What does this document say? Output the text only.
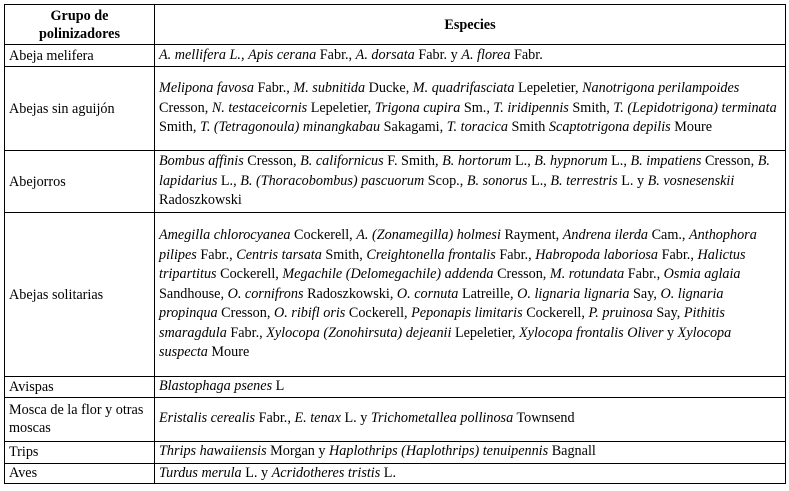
Grupo de polinizadores	Especies
Abeja melifera	A. mellifera L., Apis cerana Fabr., A. dorsata Fabr. y A. florea Fabr.
Abejas sin aguijón	Melipona favosa Fabr., M. subnitida Ducke, M. quadrifasciata Lepeletier, Nanotrigona perilampoides Cresson, N. testaceicornis Lepeletier, Trigona cupira Sm., T. iridipennis Smith, T. (Lepidotrigona) terminata Smith, T. (Tetragonoula) minangkabau Sakagami, T. toracica Smith Scaptotrigona depilis Moure
Abejorros	Bombus affinis Cresson, B. californicus F. Smith, B. hortorum L., B. hypnorum L., B. impatiens Cresson, B. lapidarius L., B. (Thoracobombus) pascuorum Scop., B. sonorus L., B. terrestris L. y B. vosnesenskii Radoszkowski
Abejas solitarias	Amegilla chlorocyanea Cockerell, A. (Zonamegilla) holmesi Rayment, Andrena ilerda Cam., Anthophora pilipes Fabr., Centris tarsata Smith, Creightonella frontalis Fabr., Habropoda laboriosa Fabr., Halictus tripartitus Cockerell, Megachile (Delomegachile) addenda Cresson, M. rotundata Fabr., Osmia aglaia Sandhouse, O. cornifrons Radoszkowski, O. cornuta Latreille, O. lignaria lignaria Say, O. lignaria propinqua Cresson, O. ribifl oris Cockerell, Peponapis limitaris Cockerell, P. pruinosa Say, Pithitis smaragdula Fabr., Xylocopa (Zonohirsuta) dejeanii Lepeletier, Xylocopa frontalis Oliver y Xylocopa suspecta Moure
Avispas	Blastophaga psenes L
Mosca de la flor y otras moscas	Eristalis cerealis Fabr., E. tenax L. y Trichometallea pollinosa Townsend
Trips	Thrips hawaiiensis Morgan y Haplothrips (Haplothrips) tenuipennis Bagnall
Aves	Turdus merula L. y Acridotheres tristis L.
